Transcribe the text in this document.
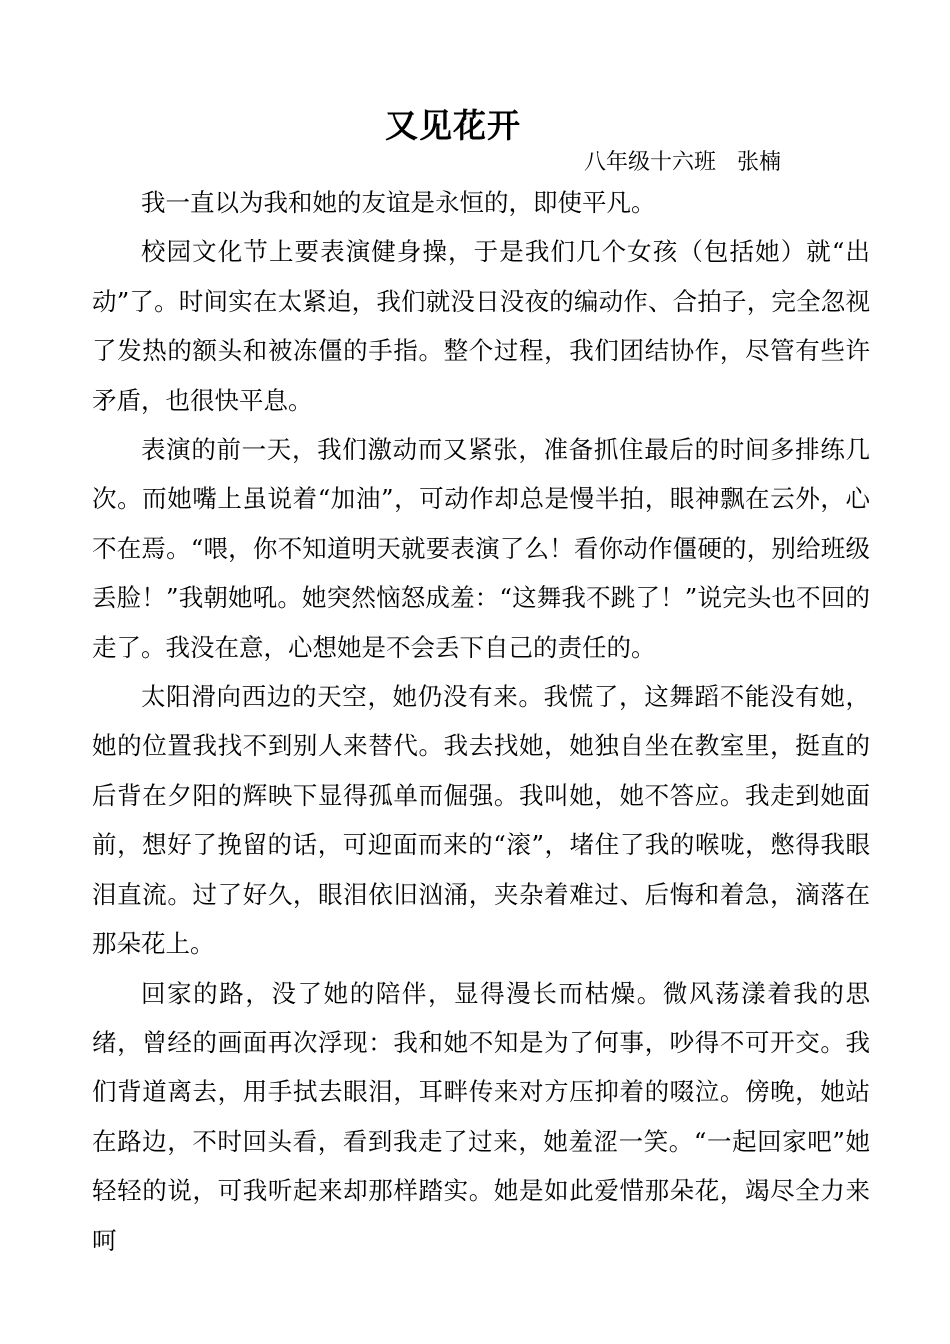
又见花开
八年级十六班   张楠

我一直以为我和她的友谊是永恒的，即使平凡。

校园文化节上要表演健身操，于是我们几个女孩（包括她）就“出动”了。时间实在太紧迫，我们就没日没夜的编动作、合拍子，完全忽视了发热的额头和被冻僵的手指。整个过程，我们团结协作，尽管有些许矛盾，也很快平息。

表演的前一天，我们激动而又紧张，准备抓住最后的时间多排练几次。而她嘴上虽说着“加油”，可动作却总是慢半拍，眼神飘在云外，心不在焉。“喂，你不知道明天就要表演了么！看你动作僵硬的，别给班级丢脸！”我朝她吼。她突然恼怒成羞：“这舞我不跳了！”说完头也不回的走了。我没在意，心想她是不会丢下自己的责任的。

太阳滑向西边的天空，她仍没有来。我慌了，这舞蹈不能没有她，她的位置我找不到别人来替代。我去找她，她独自坐在教室里，挺直的后背在夕阳的辉映下显得孤单而倔强。我叫她，她不答应。我走到她面前，想好了挽留的话，可迎面而来的“滚”，堵住了我的喉咙，憋得我眼泪直流。过了好久，眼泪依旧汹涌，夹杂着难过、后悔和着急，滴落在那朵花上。

回家的路，没了她的陪伴，显得漫长而枯燥。微风荡漾着我的思绪，曾经的画面再次浮现：我和她不知是为了何事，吵得不可开交。我们背道离去，用手拭去眼泪，耳畔传来对方压抑着的啜泣。傍晚，她站在路边，不时回头看，看到我走了过来，她羞涩一笑。“一起回家吧”她轻轻的说，可我听起来却那样踏实。她是如此爱惜那朵花，竭尽全力来呵
